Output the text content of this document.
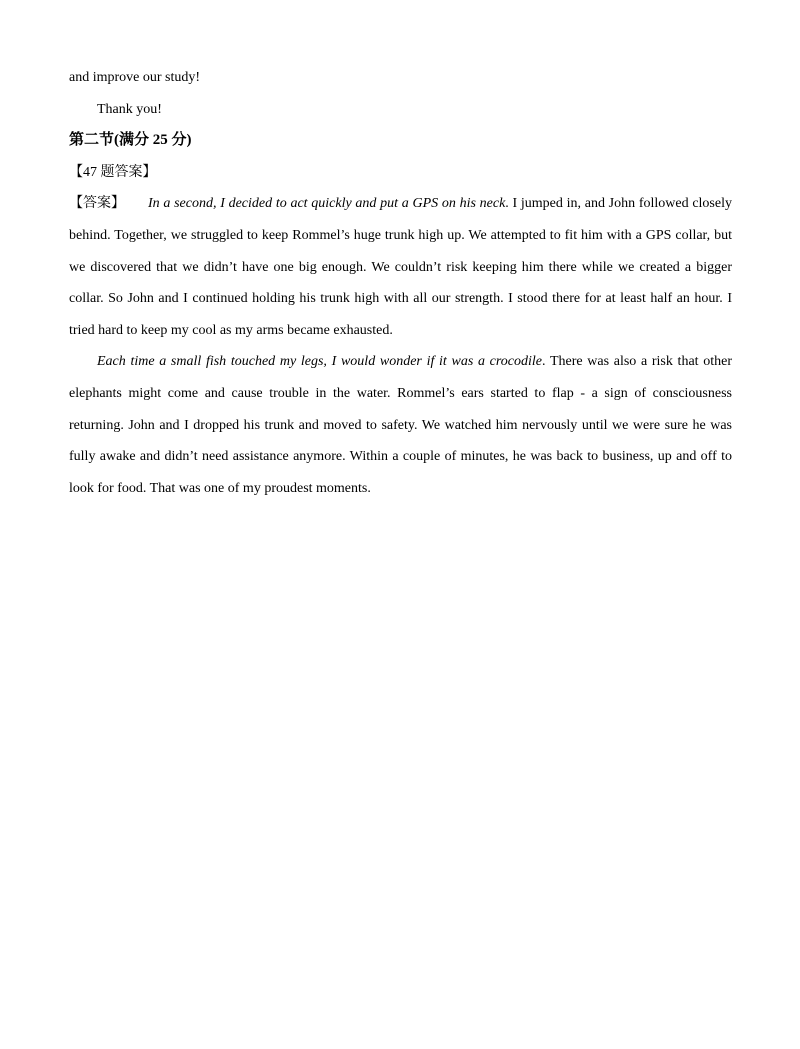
and improve our study!

Thank you!

第二节(满分 25 分)

【47 题答案】

【答案】 In a second, I decided to act quickly and put a GPS on his neck. I jumped in, and John followed closely behind. Together, we struggled to keep Rommel’s huge trunk high up. We attempted to fit him with a GPS collar, but we discovered that we didn’t have one big enough. We couldn’t risk keeping him there while we created a bigger collar. So John and I continued holding his trunk high with all our strength. I stood there for at least half an hour. I tried hard to keep my cool as my arms became exhausted.

Each time a small fish touched my legs, I would wonder if it was a crocodile. There was also a risk that other elephants might come and cause trouble in the water. Rommel’s ears started to flap - a sign of consciousness returning. John and I dropped his trunk and moved to safety. We watched him nervously until we were sure he was fully awake and didn’t need assistance anymore. Within a couple of minutes, he was back to business, up and off to look for food. That was one of my proudest moments.
